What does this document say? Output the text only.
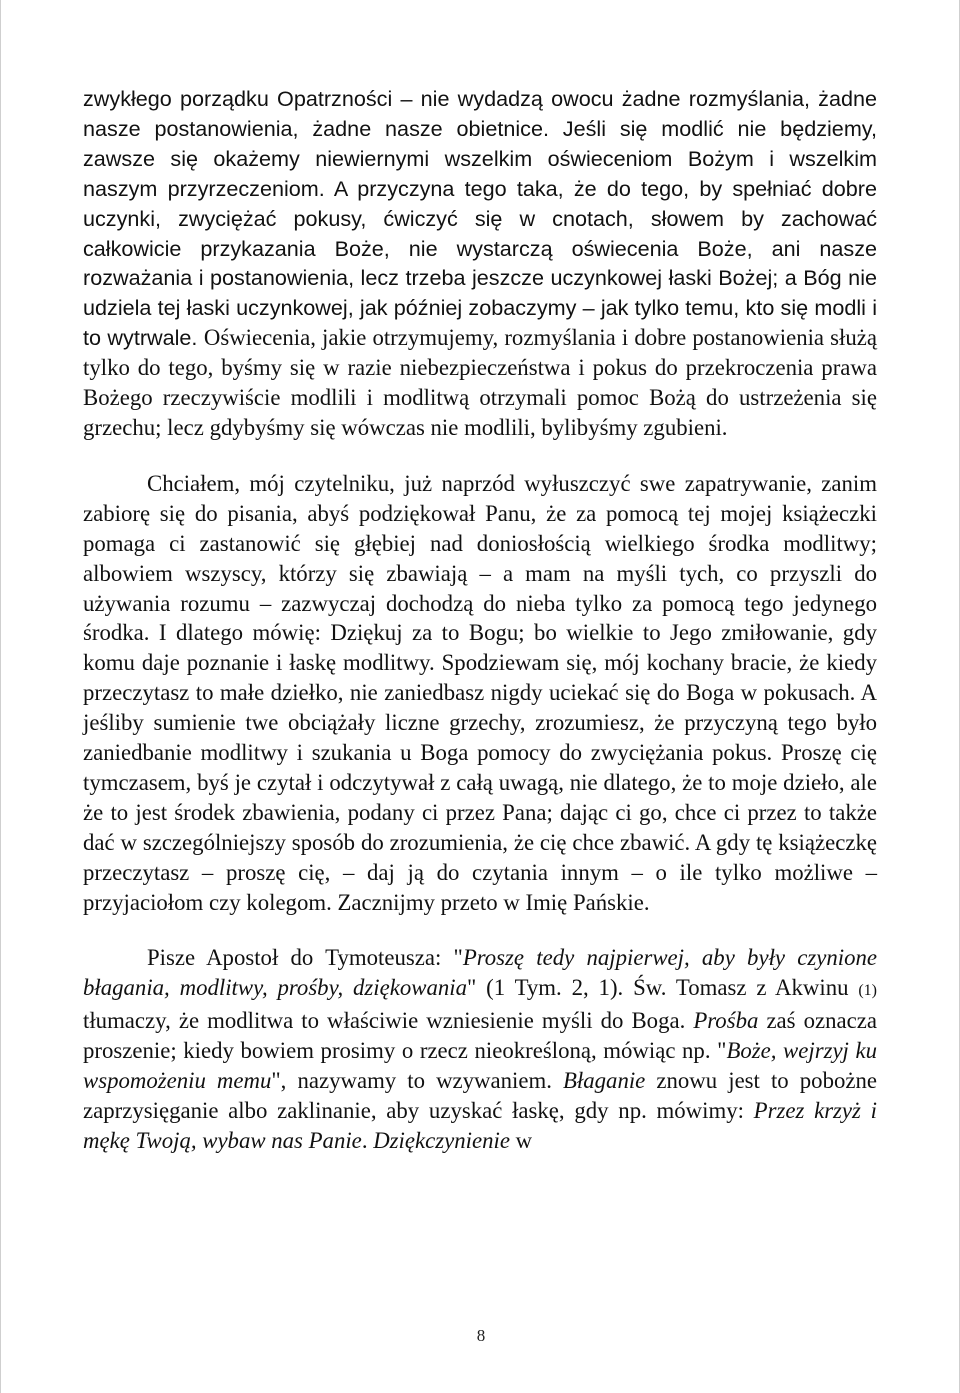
zwykłego porządku Opatrzności – nie wydadzą owocu żadne rozmyślania, żadne nasze postanowienia, żadne nasze obietnice. Jeśli się modlić nie będziemy, zawsze się okażemy niewiernymi wszelkim oświeceniom Bożym i wszelkim naszym przyrzeczeniom. A przyczyna tego taka, że do tego, by spełniać dobre uczynki, zwyciężać pokusy, ćwiczyć się w cnotach, słowem by zachować całkowicie przykazania Boże, nie wystarczą oświecenia Boże, ani nasze rozważania i postanowienia, lecz trzeba jeszcze uczynkowej łaski Bożej; a Bóg nie udziela tej łaski uczynkowej, jak później zobaczymy – jak tylko temu, kto się modli i to wytrwale. Oświecenia, jakie otrzymujemy, rozmyślania i dobre postanowienia służą tylko do tego, byśmy się w razie niebezpieczeństwa i pokus do przekroczenia prawa Bożego rzeczywiście modlili i modlitwą otrzymali pomoc Bożą do ustrzeżenia się grzechu; lecz gdybyśmy się wówczas nie modlili, bylibyśmy zgubieni.

Chciałem, mój czytelniku, już naprzód wyłuszczyć swe zapatrywanie, zanim zabiorę się do pisania, abyś podziękował Panu, że za pomocą tej mojej książeczki pomaga ci zastanowić się głębiej nad doniosłością wielkiego środka modlitwy; albowiem wszyscy, którzy się zbawiają – a mam na myśli tych, co przyszli do używania rozumu – zazwyczaj dochodzą do nieba tylko za pomocą tego jedynego środka. I dlatego mówię: Dziękuj za to Bogu; bo wielkie to Jego zmiłowanie, gdy komu daje poznanie i łaskę modlitwy. Spodziewam się, mój kochany bracie, że kiedy przeczytasz to małe dziełko, nie zaniedbasz nigdy uciekać się do Boga w pokusach. A jeśliby sumienie twe obciążały liczne grzechy, zrozumiesz, że przyczyną tego było zaniedbanie modlitwy i szukania u Boga pomocy do zwyciężania pokus. Proszę cię tymczasem, byś je czytał i odczytywał z całą uwagą, nie dlatego, że to moje dzieło, ale że to jest środek zbawienia, podany ci przez Pana; dając ci go, chce ci przez to także dać w szczególniejszy sposób do zrozumienia, że cię chce zbawić. A gdy tę książeczkę przeczytasz – proszę cię, – daj ją do czytania innym – o ile tylko możliwe – przyjaciołom czy kolegom. Zacznijmy przeto w Imię Pańskie.

Pisze Apostoł do Tymoteusza: "Proszę tedy najpierwej, aby były czynione błagania, modlitwy, prośby, dziękowania" (1 Tym. 2, 1). Św. Tomasz z Akwinu (1) tłumaczy, że modlitwa to właściwie wzniesienie myśli do Boga. Prośba zaś oznacza proszenie; kiedy bowiem prosimy o rzecz nieokreśloną, mówiąc np. "Boże, wejrzyj ku wspomożeniu memu", nazywamy to wzywaniem. Błaganie znowu jest to pobożne zaprzysięganie albo zaklinanie, aby uzyskać łaskę, gdy np. mówimy: Przez krzyż i mękę Twoją, wybaw nas Panie. Dziękczynienie w

8
